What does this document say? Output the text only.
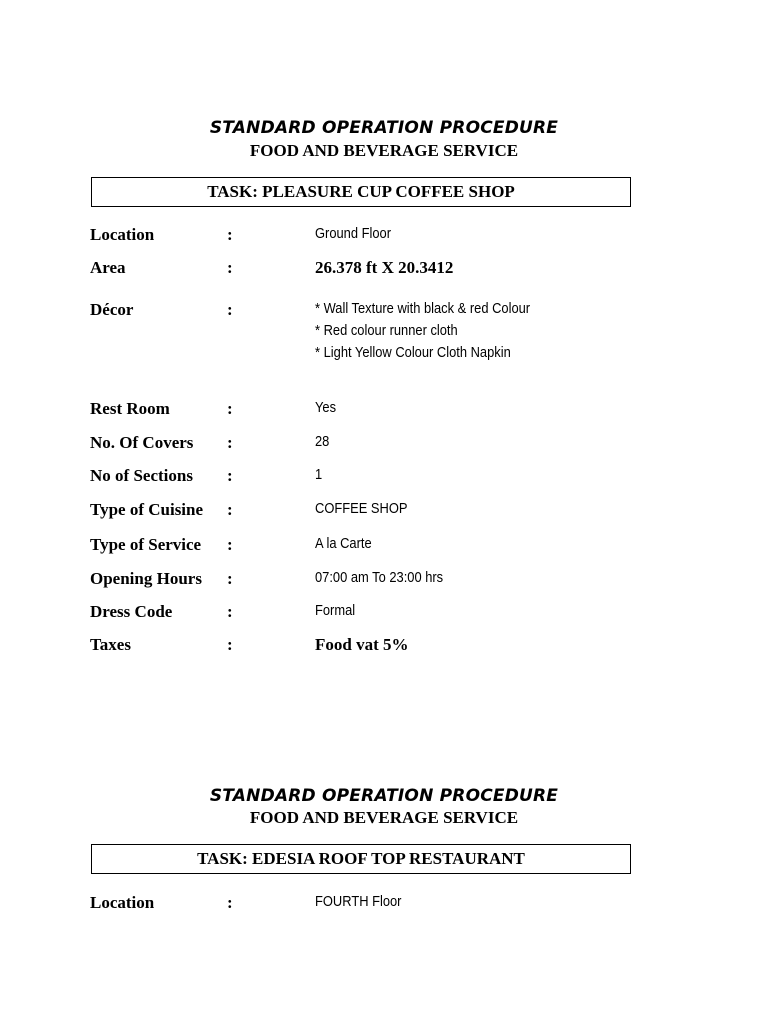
STANDARD OPERATION PROCEDURE
FOOD AND BEVERAGE SERVICE
TASK: PLEASURE CUP COFFEE SHOP
Location	:	Ground Floor
Area	:	26.378 ft X 20.3412
Décor	:	* Wall Texture with black & red Colour
* Red colour runner cloth
* Light Yellow Colour Cloth Napkin
Rest Room	:	Yes
No. Of Covers :	28
No of Sections :	1
Type of Cuisine :	COFFEE SHOP
Type of Service :	A la Carte
Opening Hours :	07:00 am To 23:00 hrs
Dress Code	:	Formal
Taxes	:	Food vat 5%
STANDARD OPERATION PROCEDURE
FOOD AND BEVERAGE SERVICE
TASK: EDESIA ROOF TOP RESTAURANT
Location	:	FOURTH Floor
